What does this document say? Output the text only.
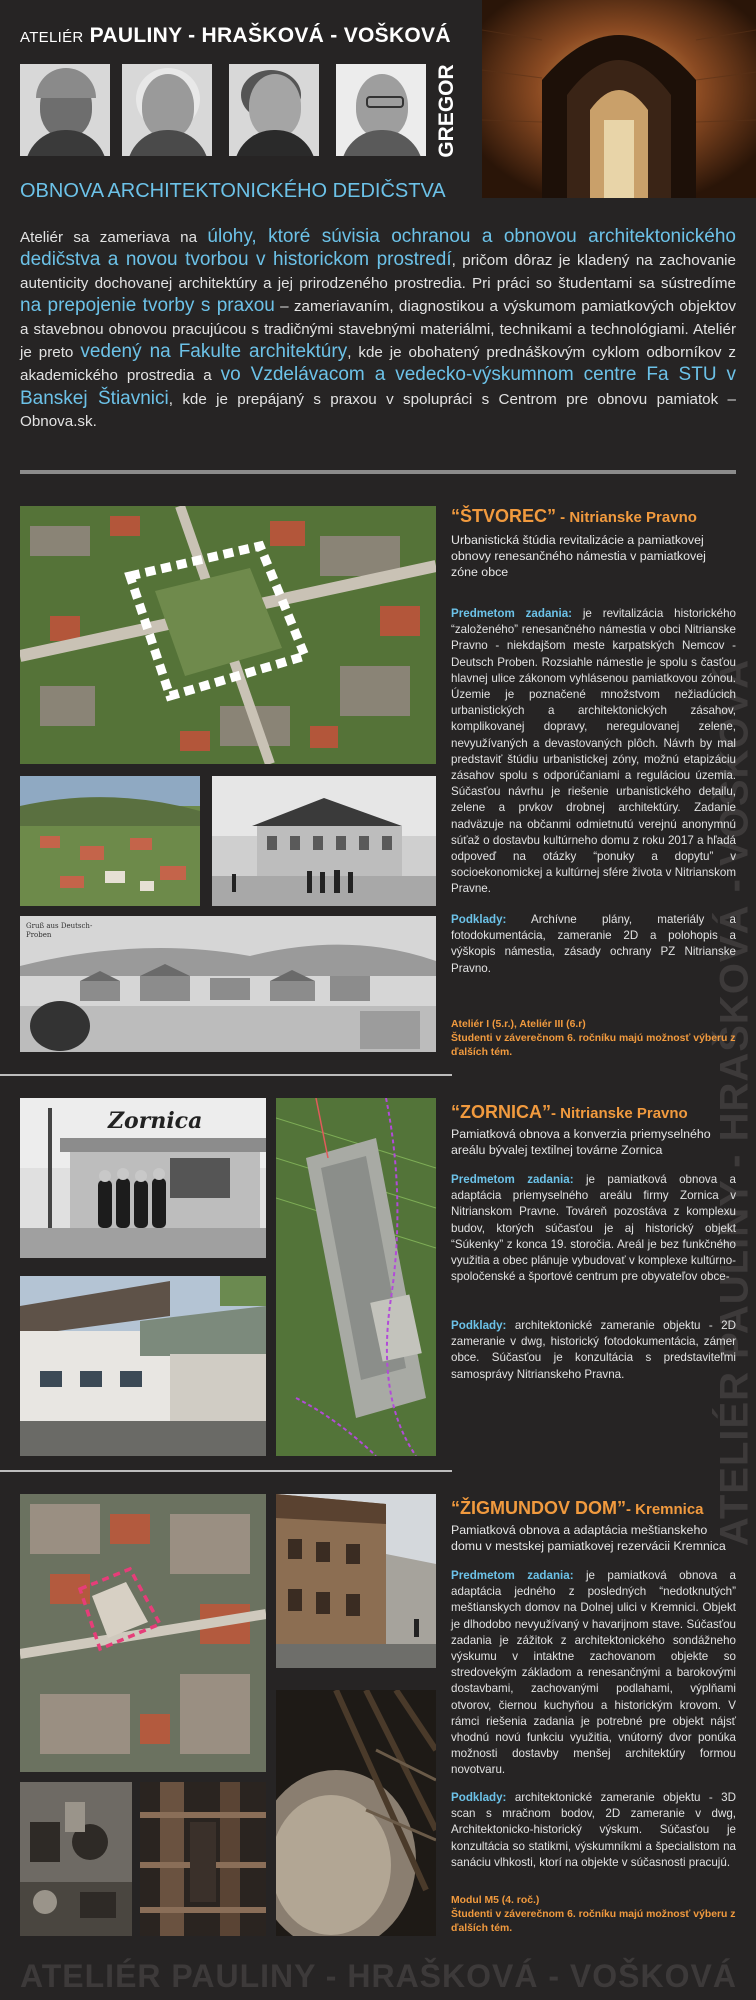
ATELIÉR PAULINY - HRAŠKOVÁ - VOŠKOVÁ
GREGOR
OBNOVA ARCHITEKTONICKÉHO DEDIČSTVA
Ateliér sa zameriava na úlohy, ktoré súvisia ochranou a obnovou architektonického dedičstva a novou tvorbou v historickom prostredí, pričom dôraz je kladený na zachovanie autenticity dochovanej architektúry a jej prirodzeného prostredia. Pri práci so študentami sa sústredíme na prepojenie tvorby s praxou – zameriavaním, diagnostikou a výskumom pamiatkových objektov a stavebnou obnovou pracujúcou s tradičnými stavebnými materiálmi, technikami a technológiami. Ateliér je preto vedený na Fakulte architektúry, kde je obohatený prednáškovým cyklom odborníkov z akademického prostredia a vo Vzdelávacom a vedecko-výskumnom centre Fa STU v Banskej Štiavnici, kde je prepájaný s praxou v spolupráci s Centrom pre obnovu pamiatok – Obnova.sk.
ATELIÉR PAULINY - HRAŠKOVÁ - VOŠKOVÁ
Gruß aus Deutsch-Proben
“ŠTVOREC” - Nitrianske Pravno
Urbanistická štúdia revitalizácie a pamiatkovej obnovy renesančného námestia v pamiatkovej zóne obce
Predmetom zadania: je revitalizácia historického “založeného” renesančného námestia v obci Nitrianske Pravno - niekdajšom meste karpatských Nemcov - Deutsch Proben. Rozsiahle námestie je spolu s časťou hlavnej ulice zákonom vyhlásenou pamiatkovou zónou. Územie je poznačené množstvom nežiadúcich urbanistických a architektonických zásahov, komplikovanej dopravy, neregulovanej zelene, nevyužívaných a devastovaných plôch. Návrh by mal predstaviť štúdiu urbanistickej zóny, možnú etapizáciu zásahov spolu s odporúčaniami a reguláciou územia. Súčasťou návrhu je riešenie urbanistického detailu, zelene a prvkov drobnej architektúry. Zadanie nadväzuje na občanmi odmietnutú verejnú anonymnú súťaž o dostavbu kultúrneho domu z roku 2017 a hľadá odpoveď na otázky “ponuky a dopytu” v socioekonomickej a kultúrnej sfére života v Nitrianskom Pravne.
Podklady: Archívne plány, materiály a fotodokumentácia, zameranie 2D a polohopis a výškopis námestia, zásady ochrany PZ Nitrianske Pravno.
Ateliér I (5.r.), Ateliér III (6.r)
Študenti v záverečnom 6. ročníku majú možnosť výberu z ďalších tém.
Zornica	“ZORNICA”- Nitrianske Pravno
Pamiatková obnova a konverzia priemyselného areálu bývalej textilnej továrne Zornica
Predmetom zadania: je pamiatková obnova a adaptácia priemyselného areálu firmy Zornica v Nitrianskom Pravne. Továreň pozostáva z komplexu budov, ktorých súčasťou je aj historický objekt “Súkenky” z konca 19. storočia. Areál je bez funkčného využitia a obec plánuje vybudovať v komplexe kultúrno-spoločenské a športové centrum pre obyvateľov obce-
Podklady: architektonické zameranie objektu - 2D zameranie v dwg, historický fotodokumentácia, zámer obce. Súčasťou je konzultácia s predstaviteľmi samosprávy Nitrianskeho Pravna.
“ŽIGMUNDOV DOM”- Kremnica
Pamiatková obnova a adaptácia meštianskeho domu v mestskej pamiatkovej rezervácii Kremnica
Predmetom zadania: je pamiatková obnova a adaptácia jedného z posledných “nedotknutých” meštianskych domov na Dolnej ulici v Kremnici. Objekt je dlhodobo nevyužívaný v havarijnom stave. Súčasťou zadania je zážitok z architektonického sondážneho výskumu v intaktne zachovanom objekte so stredovekým základom a renesančnými a barokovými dostavbami, zachovanými podlahami, výplňami otvorov, čiernou kuchyňou a historickým krovom. V rámci riešenia zadania je potrebné pre objekt nájsť vhodnú novú funkciu využitia, vnútorný dvor ponúka možnosti dostavby menšej architektúry formou novotvaru.
Podklady: architektonické zameranie objektu - 3D scan s mračnom bodov, 2D zameranie v dwg, Architektonicko-historický výskum. Súčasťou je konzultácia so statikmi, výskumníkmi a špecialistom na sanáciu vlhkosti, ktorí na objekte v súčasnosti pracujú.
Modul M5 (4. roč.)
Študenti v záverečnom 6. ročníku majú možnosť výberu z ďalších tém.
ATELIÉR PAULINY - HRAŠKOVÁ - VOŠKOVÁ
